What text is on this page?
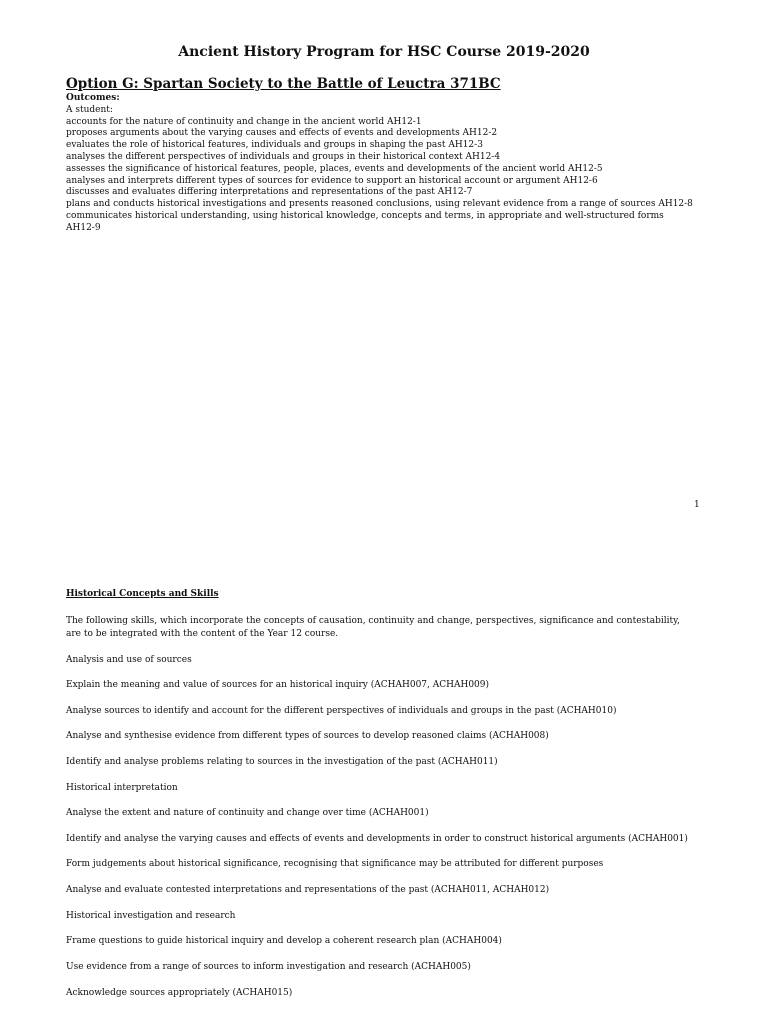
Ancient History Program for HSC Course 2019-2020
Option G: Spartan Society to the Battle of Leuctra 371BC
Outcomes:
A student:
accounts for the nature of continuity and change in the ancient world AH12-1
proposes arguments about the varying causes and effects of events and developments AH12-2
evaluates the role of historical features, individuals and groups in shaping the past AH12-3
analyses the different perspectives of individuals and groups in their historical context AH12-4
assesses the significance of historical features, people, places, events and developments of the ancient world AH12-5
analyses and interprets different types of sources for evidence to support an historical account or argument AH12-6
discusses and evaluates differing interpretations and representations of the past AH12-7
plans and conducts historical investigations and presents reasoned conclusions, using relevant evidence from a range of sources AH12-8
communicates historical understanding, using historical knowledge, concepts and terms, in appropriate and well-structured forms
AH12-9
1
Historical Concepts and Skills
The following skills, which incorporate the concepts of causation, continuity and change, perspectives, significance and contestability,
are to be integrated with the content of the Year 12 course.
Analysis and use of sources
Explain the meaning and value of sources for an historical inquiry (ACHAH007, ACHAH009)
Analyse sources to identify and account for the different perspectives of individuals and groups in the past (ACHAH010)
Analyse and synthesise evidence from different types of sources to develop reasoned claims (ACHAH008)
Identify and analyse problems relating to sources in the investigation of the past (ACHAH011)
Historical interpretation
Analyse the extent and nature of continuity and change over time (ACHAH001)
Identify and analyse the varying causes and effects of events and developments in order to construct historical arguments (ACHAH001)
Form judgements about historical significance, recognising that significance may be attributed for different purposes
Analyse and evaluate contested interpretations and representations of the past (ACHAH011, ACHAH012)
Historical investigation and research
Frame questions to guide historical inquiry and develop a coherent research plan (ACHAH004)
Use evidence from a range of sources to inform investigation and research (ACHAH005)
Acknowledge sources appropriately (ACHAH015)
